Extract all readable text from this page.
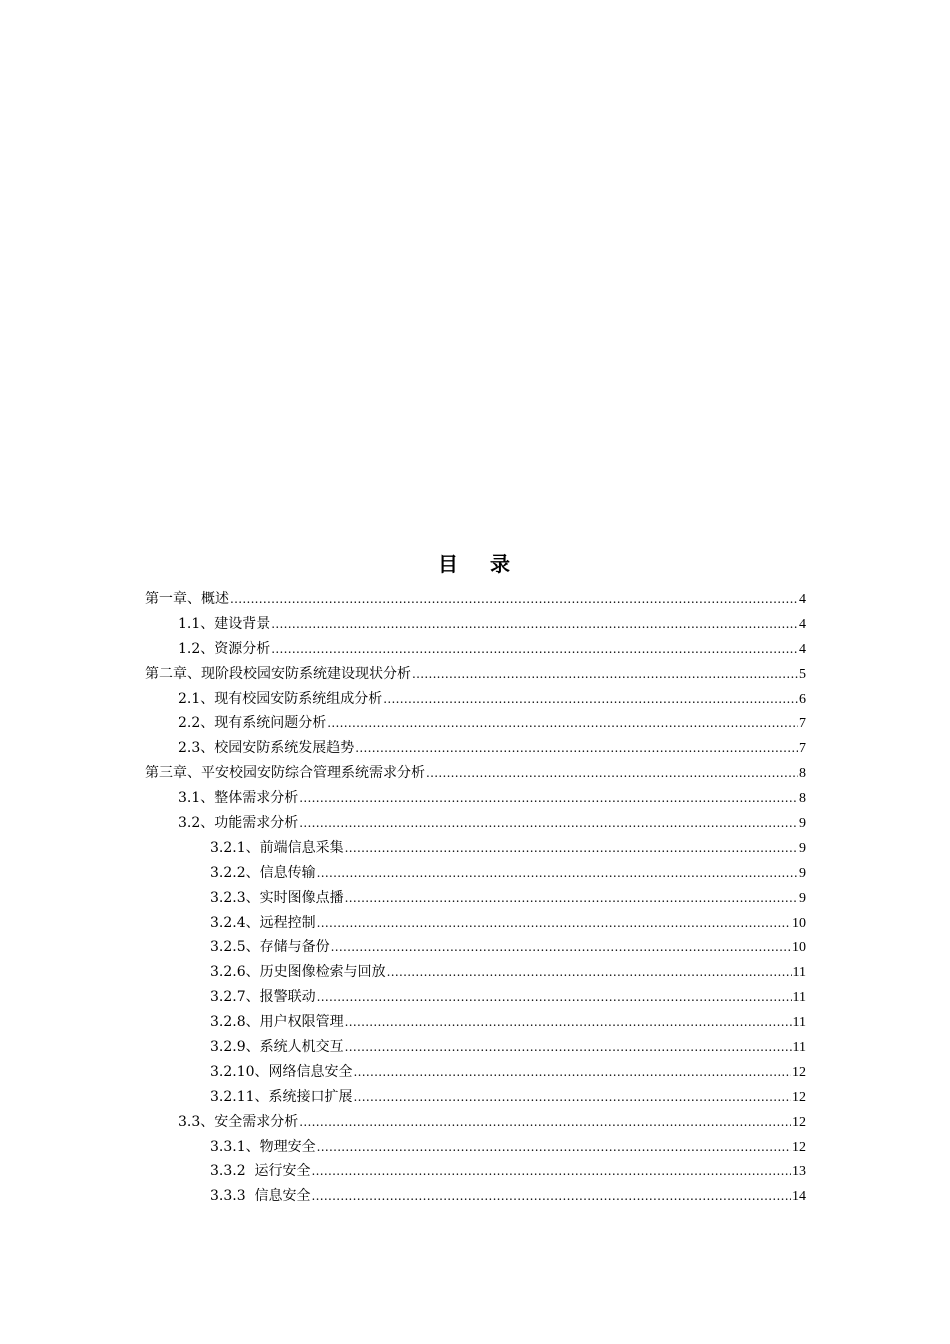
目 录
第一章、概述 .....	4
1.1、建设背景 .....	4
1.2、资源分析 .....	4
第二章、现阶段校园安防系统建设现状分析 .....	5
2.1、现有校园安防系统组成分析 .....	6
2.2、现有系统问题分析 .....	7
2.3、校园安防系统发展趋势 .....	7
第三章、平安校园安防综合管理系统需求分析 .....	8
3.1、整体需求分析 .....	8
3.2、功能需求分析 .....	9
3.2.1、前端信息采集 .....	9
3.2.2、信息传输 .....	9
3.2.3、实时图像点播 .....	9
3.2.4、远程控制 .....	10
3.2.5、存储与备份 .....	10
3.2.6、历史图像检索与回放 .....	11
3.2.7、报警联动 .....	11
3.2.8、用户权限管理 .....	11
3.2.9、系统人机交互 .....	11
3.2.10、网络信息安全 .....	12
3.2.11、系统接口扩展 .....	12
3.3、安全需求分析 .....	12
3.3.1、物理安全 .....	12
3.3.2  运行安全 .....	13
3.3.3  信息安全 .....	14
